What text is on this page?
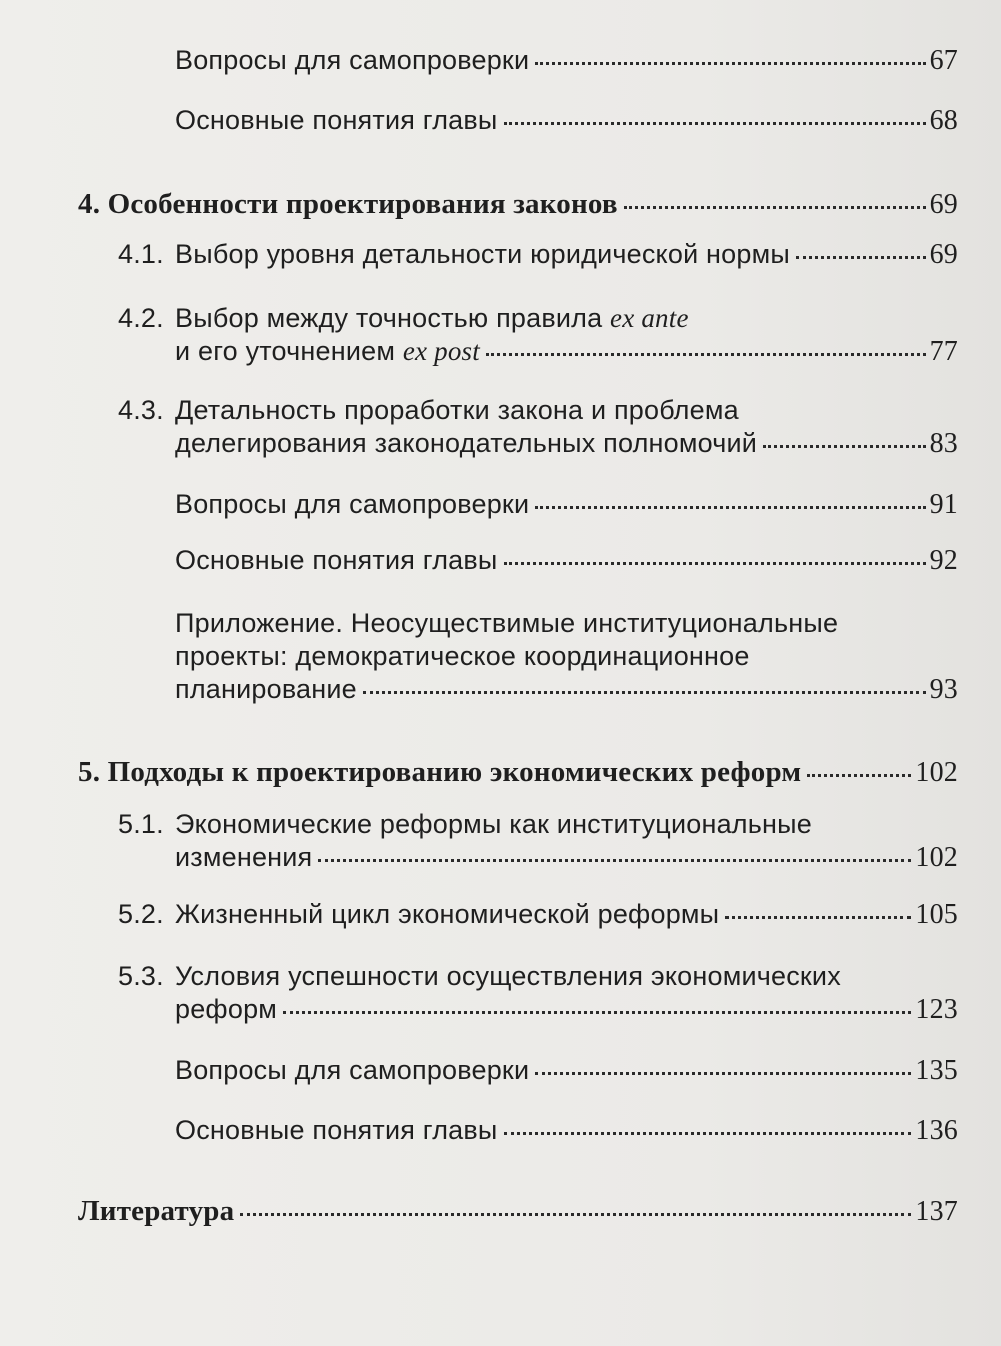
Вопросы для самопроверки	67
Основные понятия главы	68
4. Особенности проектирования законов	69
4.1. Выбор уровня детальности юридической нормы	69
4.2. Выбор между точностью правила ex ante
и его уточнением
ex post	77
4.3. Детальность проработки закона и проблема
делегирования законодательных полномочий	83
Вопросы для самопроверки	91
Основные понятия главы	92
Приложение. Неосуществимые институциональные
проекты: демократическое координационное
планирование	93
5. Подходы к проектированию экономических реформ	102
5.1. Экономические реформы как институциональные
изменения	102
5.2. Жизненный цикл экономической реформы	105
5.3. Условия успешности осуществления экономических
реформ	123
Вопросы для самопроверки	135
Основные понятия главы	136
Литература	137
